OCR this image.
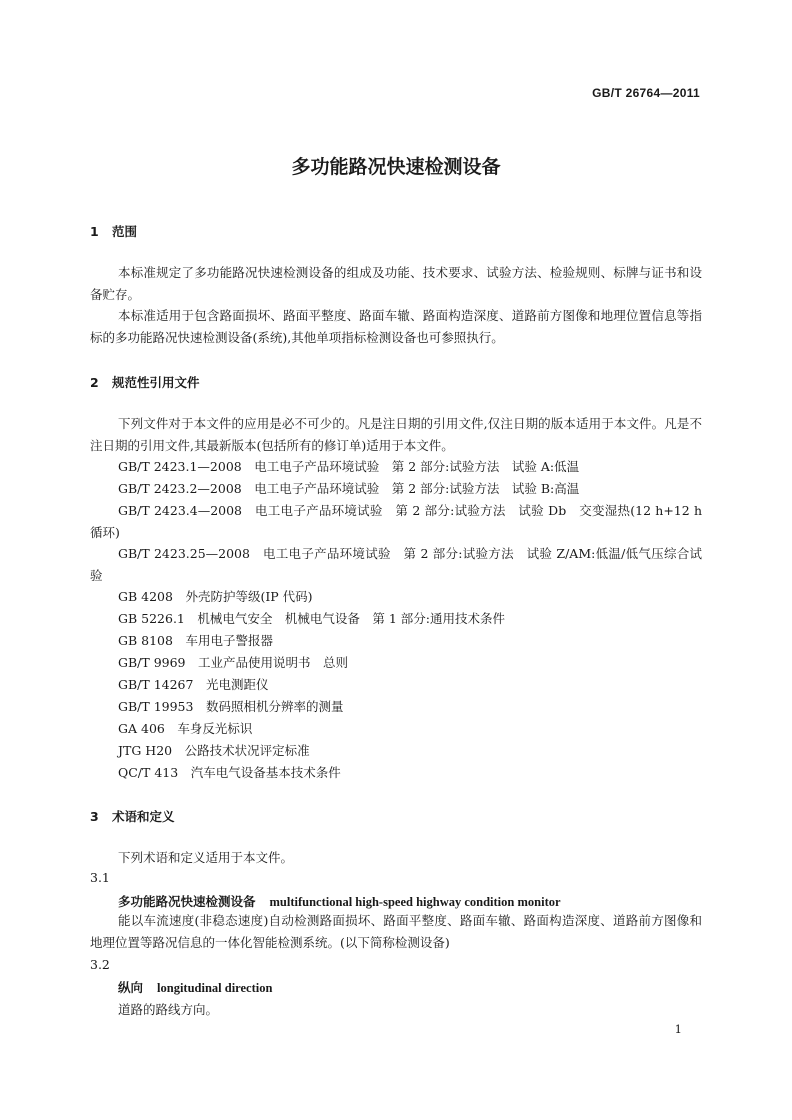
GB/T 26764—2011
多功能路况快速检测设备
1 范围
本标准规定了多功能路况快速检测设备的组成及功能、技术要求、试验方法、检验规则、标牌与证书和设备贮存。
本标准适用于包含路面损坏、路面平整度、路面车辙、路面构造深度、道路前方图像和地理位置信息等指标的多功能路况快速检测设备(系统),其他单项指标检测设备也可参照执行。
2 规范性引用文件
下列文件对于本文件的应用是必不可少的。凡是注日期的引用文件,仅注日期的版本适用于本文件。凡是不注日期的引用文件,其最新版本(包括所有的修订单)适用于本文件。
GB/T 2423.1—2008　电工电子产品环境试验　第 2 部分:试验方法　试验 A:低温
GB/T 2423.2—2008　电工电子产品环境试验　第 2 部分:试验方法　试验 B:高温
GB/T 2423.4—2008　电工电子产品环境试验　第 2 部分:试验方法　试验 Db　交变湿热(12 h+12 h 循环)
GB/T 2423.25—2008　电工电子产品环境试验　第 2 部分:试验方法　试验 Z/AM:低温/低气压综合试验
GB 4208　外壳防护等级(IP 代码)
GB 5226.1　机械电气安全　机械电气设备　第 1 部分:通用技术条件
GB 8108　车用电子警报器
GB/T 9969　工业产品使用说明书　总则
GB/T 14267　光电测距仪
GB/T 19953　数码照相机分辨率的测量
GA 406　车身反光标识
JTG H20　公路技术状况评定标准
QC/T 413　汽车电气设备基本技术条件
3 术语和定义
下列术语和定义适用于本文件。
3.1
多功能路况快速检测设备 multifunctional high-speed highway condition monitor
能以车流速度(非稳态速度)自动检测路面损坏、路面平整度、路面车辙、路面构造深度、道路前方图像和地理位置等路况信息的一体化智能检测系统。(以下简称检测设备)
3.2
纵向 longitudinal direction
道路的路线方向。
1
